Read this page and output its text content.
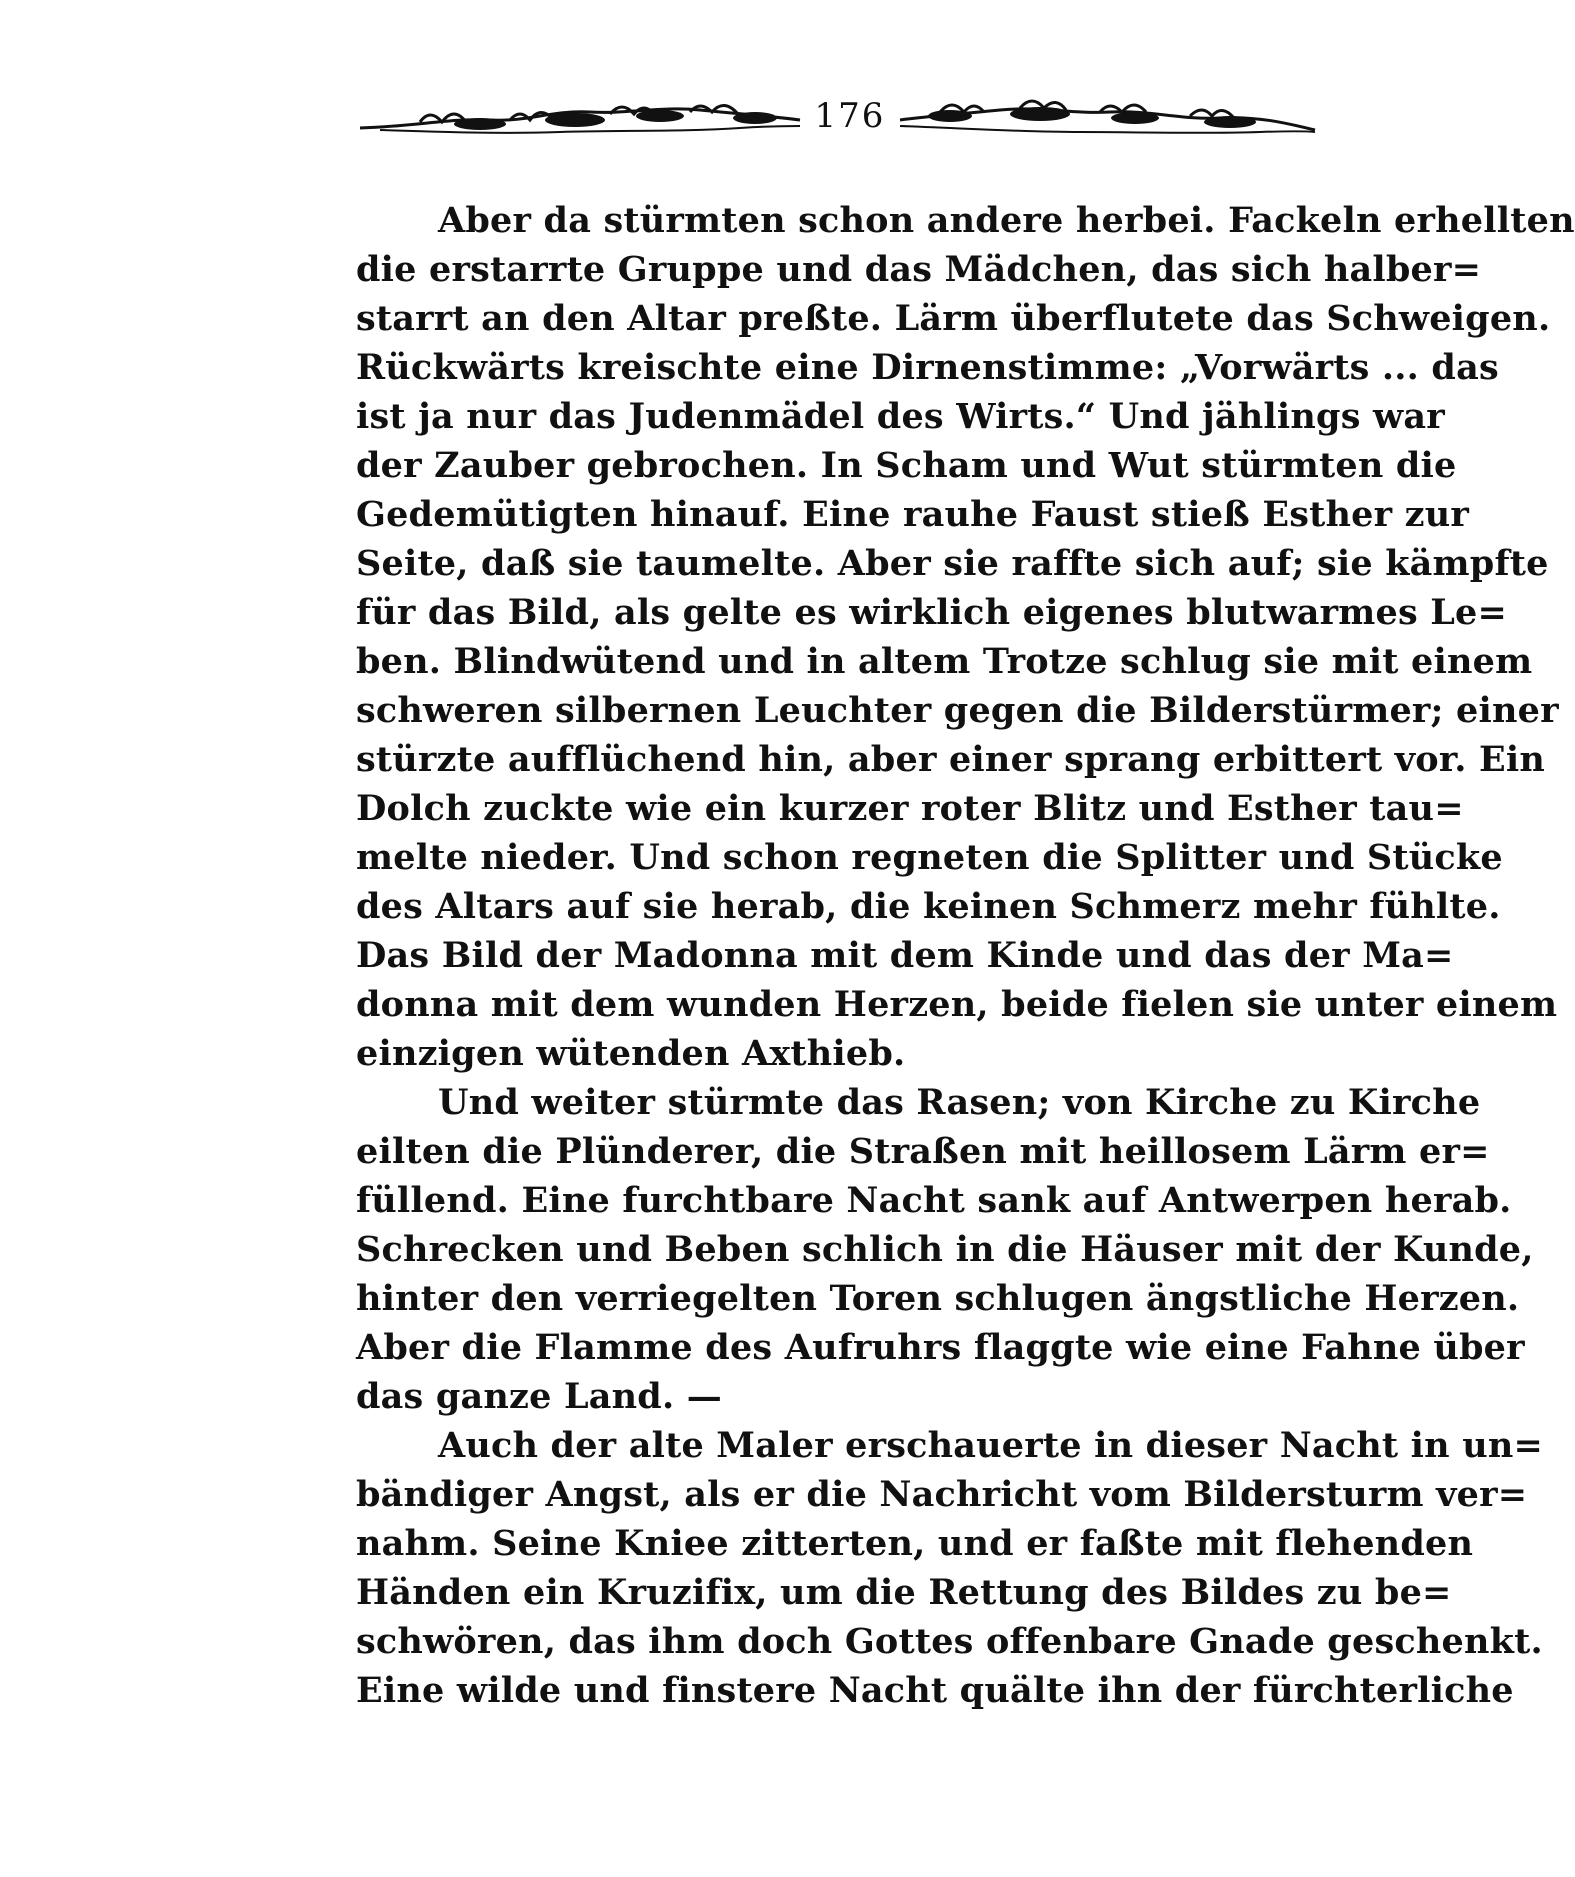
176
Aber da stürmten schon andere herbei. Fackeln erhellten
die erstarrte Gruppe und das Mädchen, das sich halber=
starrt an den Altar preßte. Lärm überflutete das Schweigen.
Rückwärts kreischte eine Dirnenstimme: „Vorwärts ... das
ist ja nur das Judenmädel des Wirts.“ Und jählings war
der Zauber gebrochen. In Scham und Wut stürmten die
Gedemütigten hinauf. Eine rauhe Faust stieß Esther zur
Seite, daß sie taumelte. Aber sie raffte sich auf; sie kämpfte
für das Bild, als gelte es wirklich eigenes blutwarmes Le=
ben. Blindwütend und in altem Trotze schlug sie mit einem
schweren silbernen Leuchter gegen die Bilderstürmer; einer
stürzte aufflüchend hin, aber einer sprang erbittert vor. Ein
Dolch zuckte wie ein kurzer roter Blitz und Esther tau=
melte nieder. Und schon regneten die Splitter und Stücke
des Altars auf sie herab, die keinen Schmerz mehr fühlte.
Das Bild der Madonna mit dem Kinde und das der Ma=
donna mit dem wunden Herzen, beide fielen sie unter einem
einzigen wütenden Axthieb.
Und weiter stürmte das Rasen; von Kirche zu Kirche
eilten die Plünderer, die Straßen mit heillosem Lärm er=
füllend. Eine furchtbare Nacht sank auf Antwerpen herab.
Schrecken und Beben schlich in die Häuser mit der Kunde,
hinter den verriegelten Toren schlugen ängstliche Herzen.
Aber die Flamme des Aufruhrs flaggte wie eine Fahne über
das ganze Land. —
Auch der alte Maler erschauerte in dieser Nacht in un=
bändiger Angst, als er die Nachricht vom Bildersturm ver=
nahm. Seine Kniee zitterten, und er faßte mit flehenden
Händen ein Kruzifix, um die Rettung des Bildes zu be=
schwören, das ihm doch Gottes offenbare Gnade geschenkt.
Eine wilde und finstere Nacht quälte ihn der fürchterliche
